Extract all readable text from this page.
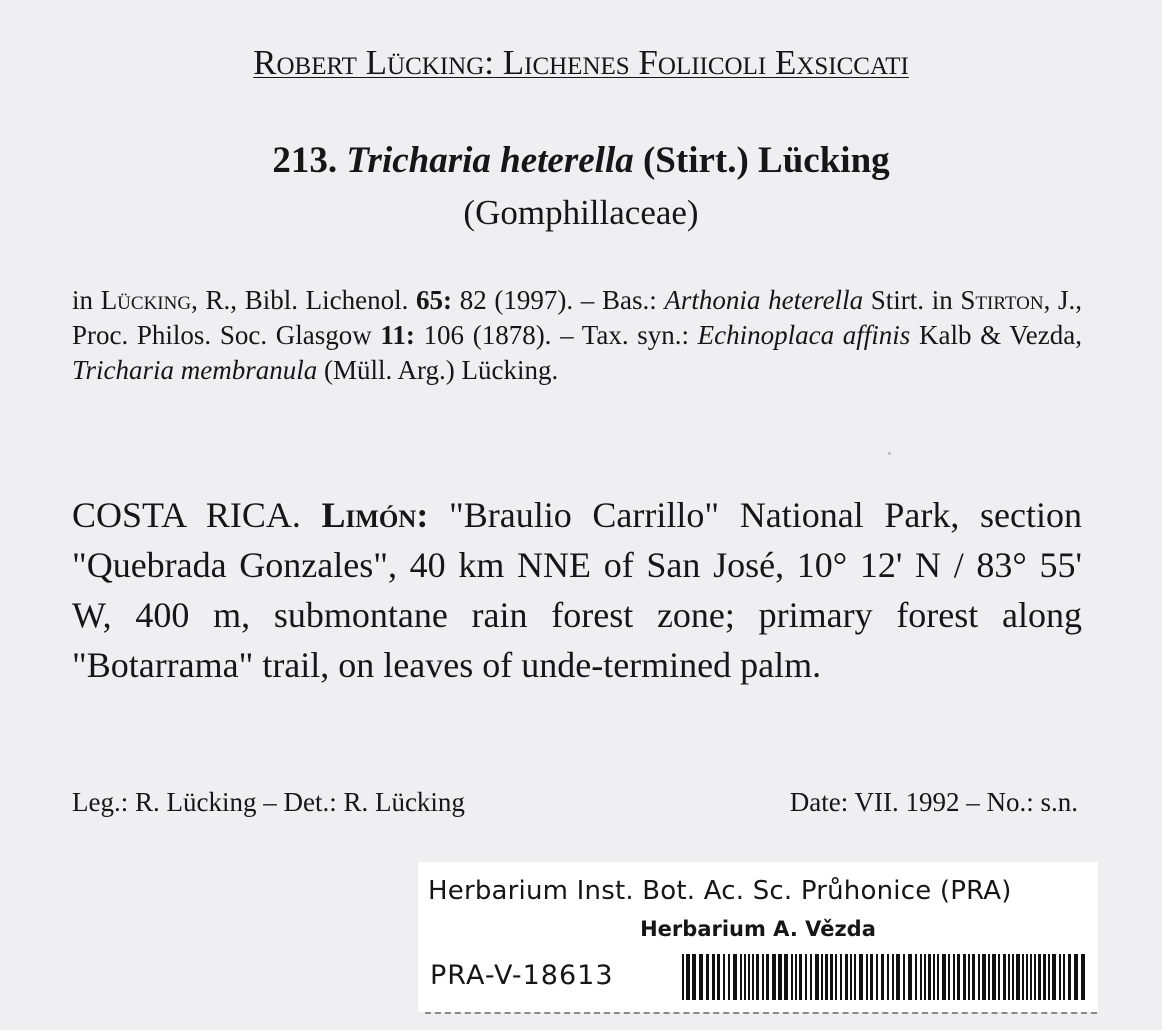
Robert Lücking: Lichenes Foliicoli Exsiccati
213. Tricharia heterella (Stirt.) Lücking
(Gomphillaceae)
in Lücking, R., Bibl. Lichenol. 65: 82 (1997). – Bas.: Arthonia heterella Stirt. in Stirton, J., Proc. Philos. Soc. Glasgow 11: 106 (1878). – Tax. syn.: Echinoplaca affinis Kalb & Vezda, Tricharia membranula (Müll. Arg.) Lücking.
COSTA RICA. Limón: "Braulio Carrillo" National Park, section "Quebrada Gonzales", 40 km NNE of San José, 10° 12' N / 83° 55' W, 400 m, submontane rain forest zone; primary forest along "Botarrama" trail, on leaves of unde-termined palm.
Leg.: R. Lücking – Det.: R. Lücking	Date: VII. 1992 – No.: s.n.
Herbarium Inst. Bot. Ac. Sc. Průhonice (PRA)
Herbarium A. Vězda
PRA-V-18613
